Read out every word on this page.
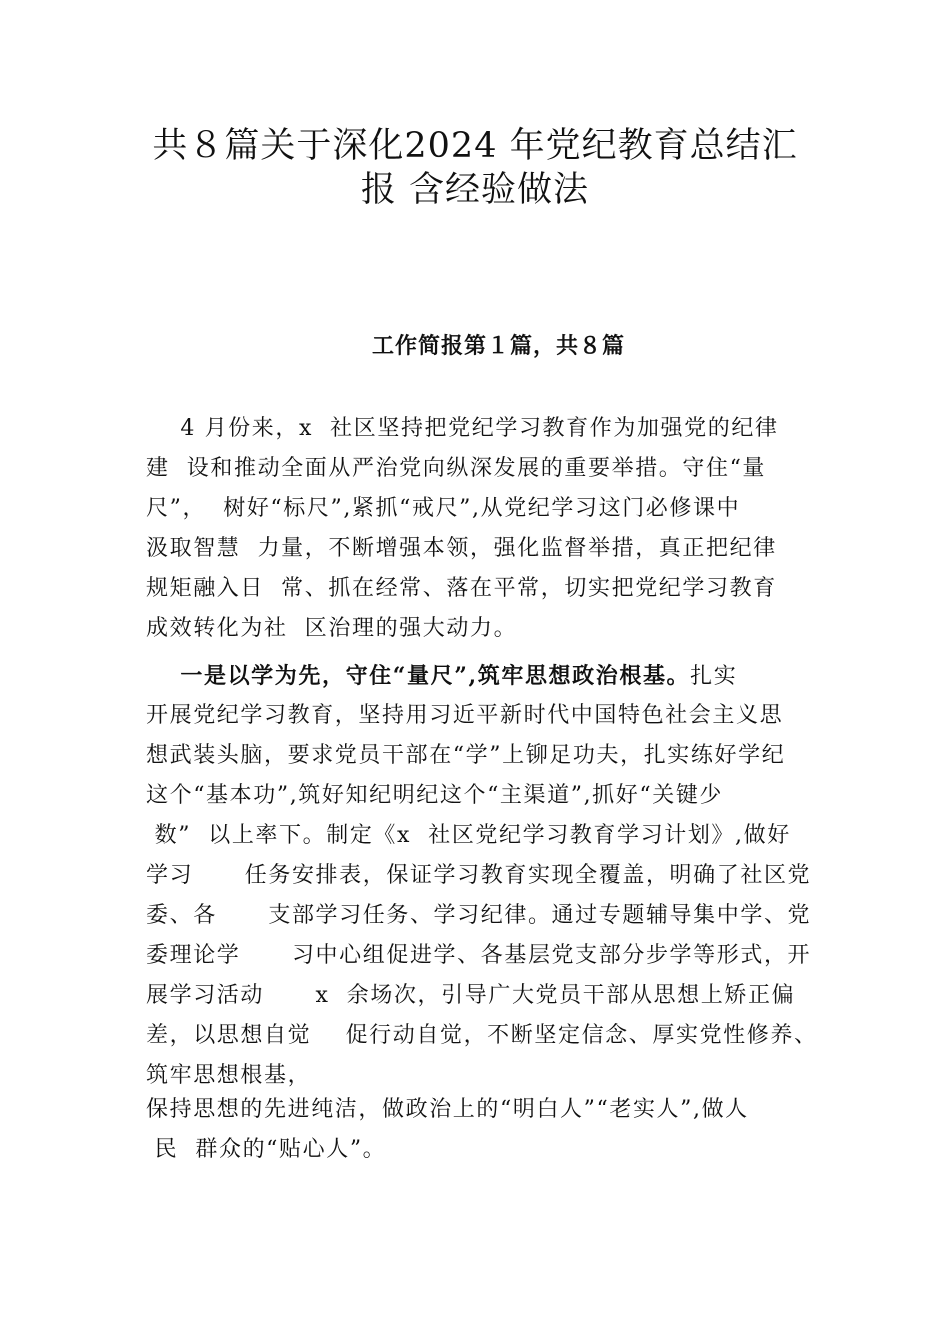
共８篇关于深化2024 年党纪教育总结汇
报 含经验做法
工作简报第１篇，共８篇
4 月份来，x  社区坚持把党纪学习教育作为加强党的纪律
建  设和推动全面从严治党向纵深发展的重要举措。守住“量
尺”，  树好“标尺”,紧抓“戒尺”,从党纪学习这门必修课中
汲取智慧  力量，不断增强本领，强化监督举措，真正把纪律
规矩融入日  常、抓在经常、落在平常，切实把党纪学习教育
成效转化为社  区治理的强大动力。
一是以学为先，守住“量尺”,筑牢思想政治根基。扎实
开展党纪学习教育，坚持用习近平新时代中国特色社会主义思
想武装头脑，要求党员干部在“学”上铆足功夫，扎实练好学纪
这个“基本功”,筑好知纪明纪这个“主渠道”,抓好“关键少
数”  以上率下。制定《x  社区党纪学习教育学习计划》,做好
学习      任务安排表，保证学习教育实现全覆盖，明确了社区党
委、各      支部学习任务、学习纪律。通过专题辅导集中学、党
委理论学      习中心组促进学、各基层党支部分步学等形式，开
展学习活动      x  余场次，引导广大党员干部从思想上矫正偏
差，以思想自觉    促行动自觉，不断坚定信念、厚实党性修养、
筑牢思想根基，
保持思想的先进纯洁，做政治上的“明白人”“老实人”,做人
民  群众的“贴心人”。
